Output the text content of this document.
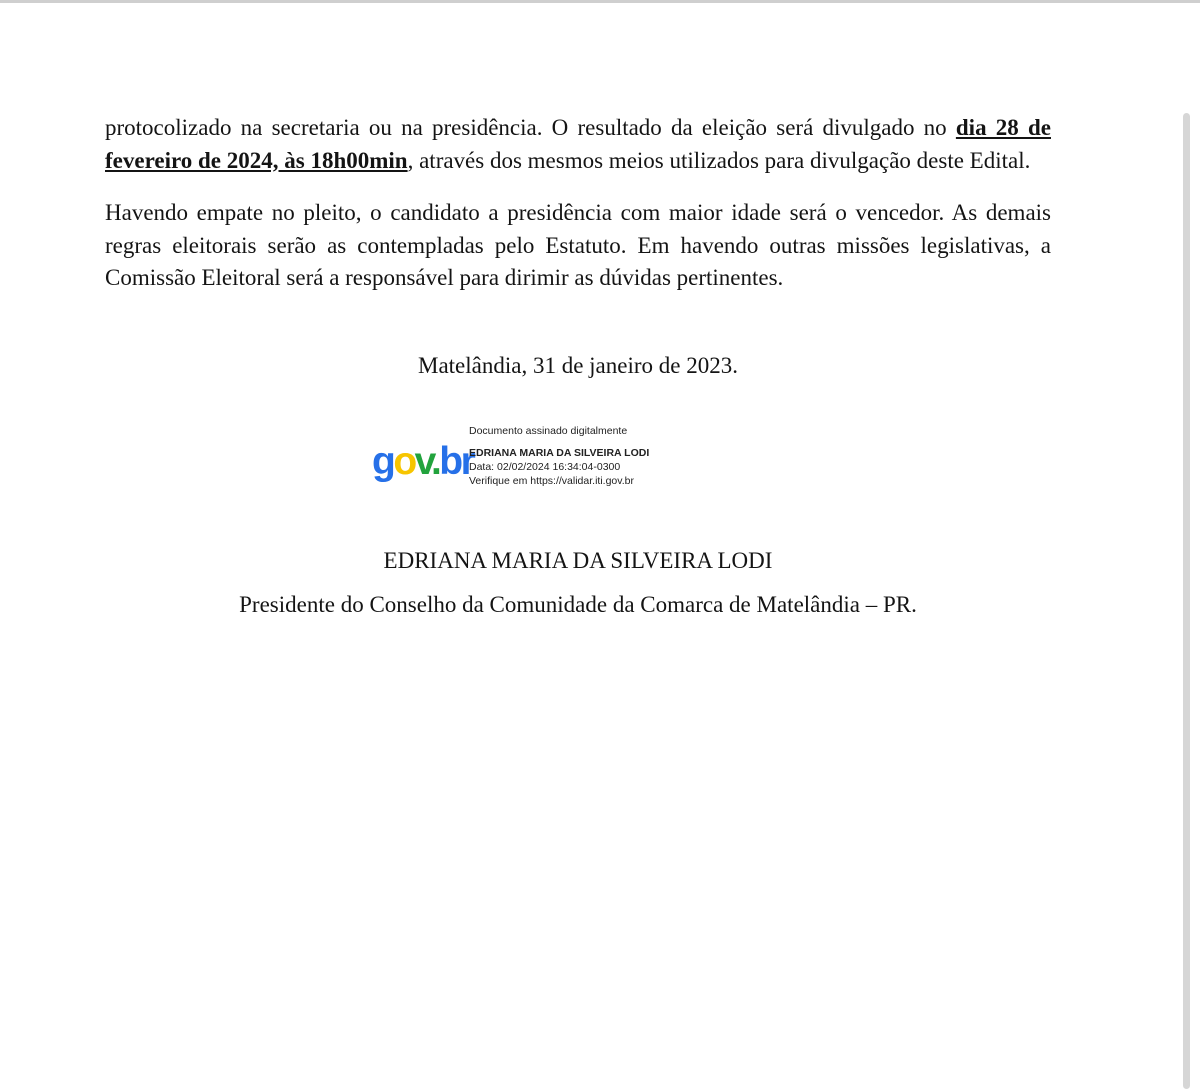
protocolizado na secretaria ou na presidência. O resultado da eleição será divulgado no dia 28 de fevereiro de 2024, às 18h00min, através dos mesmos meios utilizados para divulgação deste Edital.

Havendo empate no pleito, o candidato a presidência com maior idade será o vencedor. As demais regras eleitorais serão as contempladas pelo Estatuto. Em havendo outras missões legislativas, a Comissão Eleitoral será a responsável para dirimir as dúvidas pertinentes.

Matelândia, 31 de janeiro de 2023.
gov.br
Documento assinado digitalmente
EDRIANA MARIA DA SILVEIRA LODI
Data: 02/02/2024 16:34:04-0300
Verifique em https://validar.iti.gov.br
EDRIANA MARIA DA SILVEIRA LODI
Presidente do Conselho da Comunidade da Comarca de Matelândia – PR.
